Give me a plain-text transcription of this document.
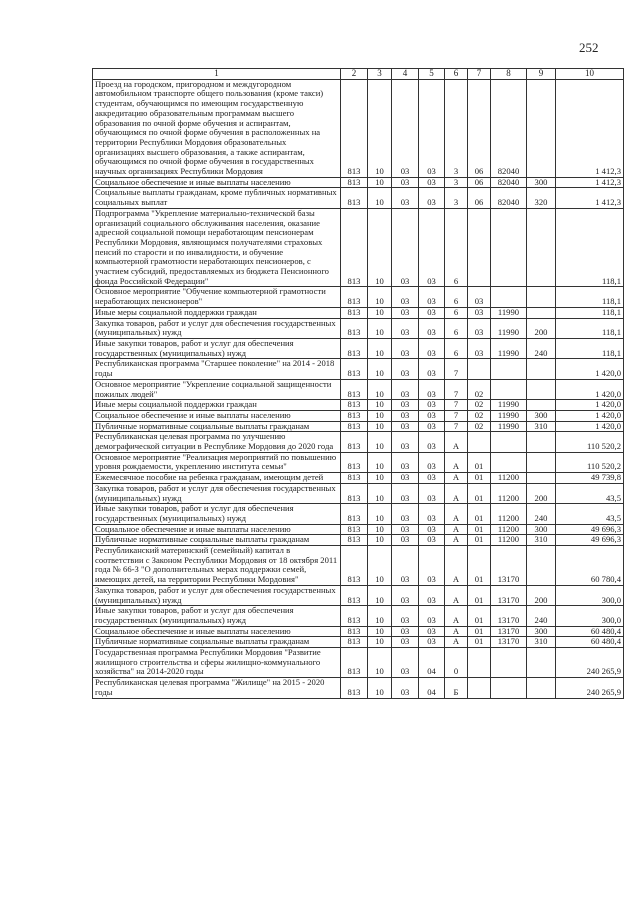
252
1	2	3	4	5	6	7	8	9	10
Проезд на городском, пригородном и междугородном автомобильном транспорте общего пользования (кроме такси) студентам, обучающимся по имеющим государственную аккредитацию образовательным программам высшего образования по очной форме обучения и аспирантам, обучающимся по очной форме обучения в расположенных на территории Республики Мордовия образовательных организациях высшего образования, а также аспирантам, обучающимся по очной форме обучения в государственных научных организациях Республики Мордовия	813	10	03	03	3	06	82040		1 412,3
Социальное обеспечение и иные выплаты населению	813	10	03	03	3	06	82040	300	1 412,3
Социальные выплаты гражданам, кроме публичных нормативных социальных выплат	813	10	03	03	3	06	82040	320	1 412,3
Подпрограмма "Укрепление материально-технической базы организаций социального обслуживания населения, оказание адресной социальной помощи неработающим пенсионерам Республики Мордовия, являющимся получателями страховых пенсий по старости и по инвалидности, и обучение компьютерной грамотности неработающих пенсионеров, с участием субсидий, предоставляемых из бюджета Пенсионного фонда Российской Федерации"	813	10	03	03	6				118,1
Основное мероприятие "Обучение компьютерной грамотности неработающих пенсионеров"	813	10	03	03	6	03			118,1
Иные меры социальной поддержки граждан	813	10	03	03	6	03	11990		118,1
Закупка товаров, работ и услуг для обеспечения государственных (муниципальных) нужд	813	10	03	03	6	03	11990	200	118,1
Иные закупки товаров, работ и услуг для обеспечения государственных (муниципальных) нужд	813	10	03	03	6	03	11990	240	118,1
Республиканская программа "Старшее поколение" на 2014 - 2018 годы	813	10	03	03	7				1 420,0
Основное мероприятие "Укрепление социальной защищенности пожилых людей"	813	10	03	03	7	02			1 420,0
Иные меры социальной поддержки граждан	813	10	03	03	7	02	11990		1 420,0
Социальное обеспечение и иные выплаты населению	813	10	03	03	7	02	11990	300	1 420,0
Публичные нормативные социальные выплаты гражданам	813	10	03	03	7	02	11990	310	1 420,0
Республиканская целевая программа по улучшению демографической ситуации в Республике Мордовия до 2020 года	813	10	03	03	А				110 520,2
Основное мероприятие "Реализация мероприятий по повышению уровня рождаемости, укреплению института семьи"	813	10	03	03	А	01			110 520,2
Ежемесячное пособие на ребенка гражданам, имеющим детей	813	10	03	03	А	01	11200		49 739,8
Закупка товаров, работ и услуг для обеспечения государственных (муниципальных) нужд	813	10	03	03	А	01	11200	200	43,5
Иные закупки товаров, работ и услуг для обеспечения государственных (муниципальных) нужд	813	10	03	03	А	01	11200	240	43,5
Социальное обеспечение и иные выплаты населению	813	10	03	03	А	01	11200	300	49 696,3
Публичные нормативные социальные выплаты гражданам	813	10	03	03	А	01	11200	310	49 696,3
Республиканский материнский (семейный) капитал в соответствии с Законом Республики Мордовия от 18 октября 2011 года № 66-З "О дополнительных мерах поддержки семей, имеющих детей, на территории Республики Мордовия"	813	10	03	03	А	01	13170		60 780,4
Закупка товаров, работ и услуг для обеспечения государственных (муниципальных) нужд	813	10	03	03	А	01	13170	200	300,0
Иные закупки товаров, работ и услуг для обеспечения государственных (муниципальных) нужд	813	10	03	03	А	01	13170	240	300,0
Социальное обеспечение и иные выплаты населению	813	10	03	03	А	01	13170	300	60 480,4
Публичные нормативные социальные выплаты гражданам	813	10	03	03	А	01	13170	310	60 480,4
Государственная программа Республики Мордовия "Развитие жилищного строительства и сферы жилищно-коммунального хозяйства" на 2014-2020 годы	813	10	03	04	0				240 265,9
Республиканская целевая программа "Жилище" на 2015 - 2020 годы	813	10	03	04	Б				240 265,9
